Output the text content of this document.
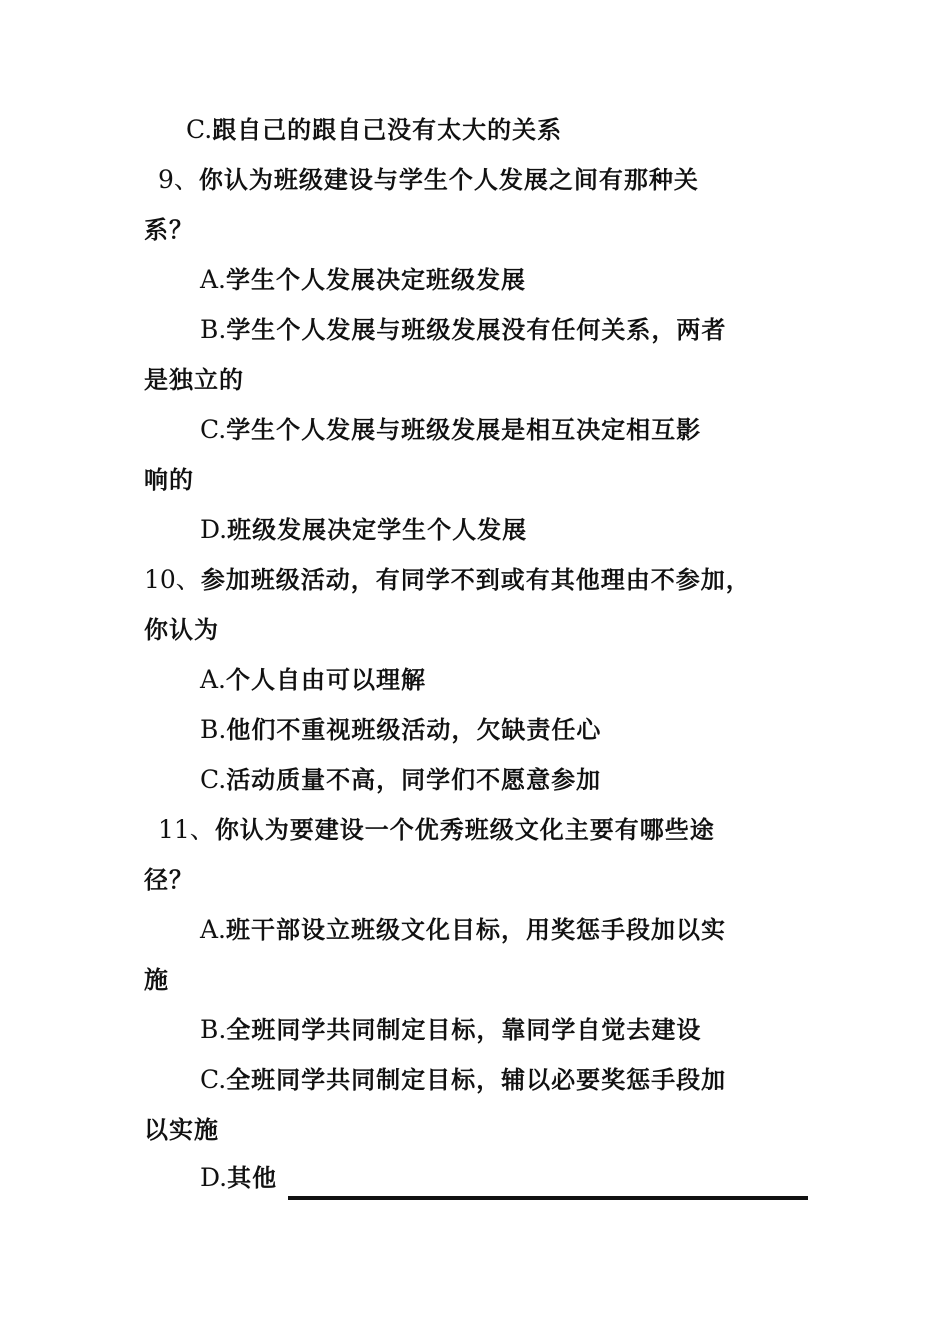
C.跟自己的跟自己没有太大的关系
9、你认为班级建设与学生个人发展之间有那种关
系？
A.学生个人发展决定班级发展
B.学生个人发展与班级发展没有任何关系，两者
是独立的
C.学生个人发展与班级发展是相互决定相互影
响的
D.班级发展决定学生个人发展
10、参加班级活动，有同学不到或有其他理由不参加，
你认为
A.个人自由可以理解
B.他们不重视班级活动，欠缺责任心
C.活动质量不高，同学们不愿意参加
11、你认为要建设一个优秀班级文化主要有哪些途
径？
A.班干部设立班级文化目标，用奖惩手段加以实
施
B.全班同学共同制定目标，靠同学自觉去建设
C.全班同学共同制定目标，辅以必要奖惩手段加
以实施
D.其他
